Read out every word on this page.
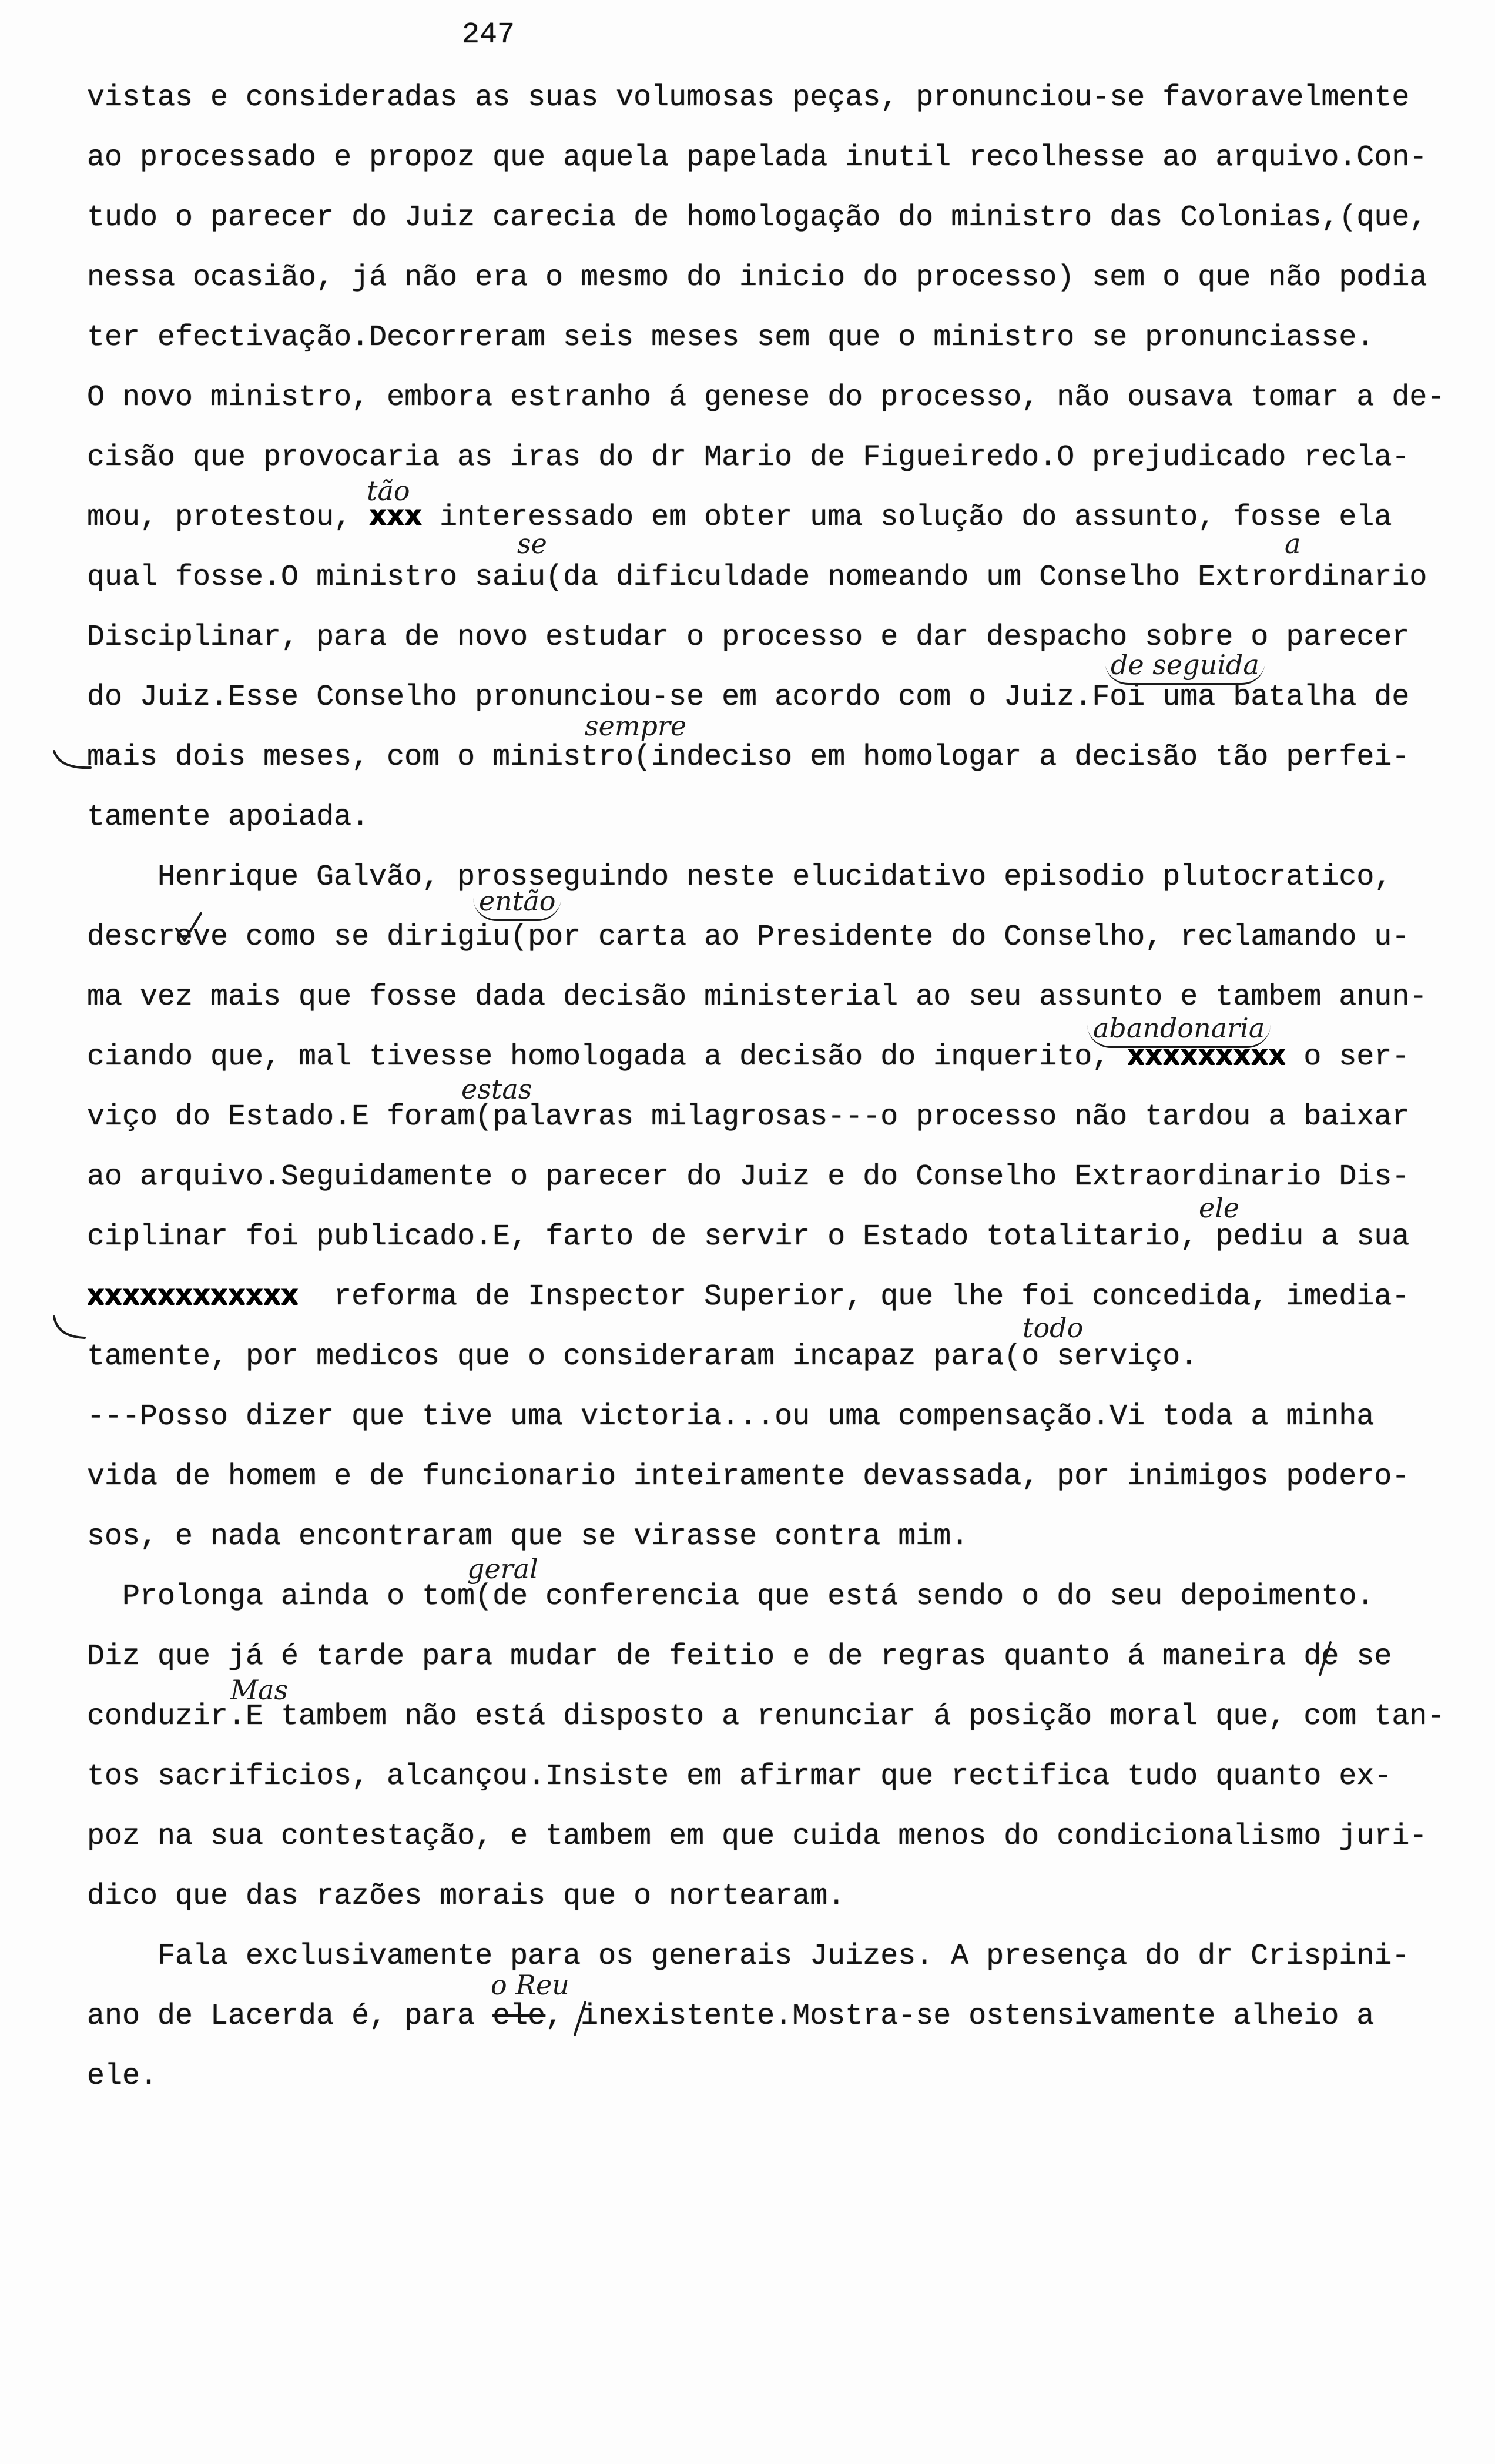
247
vistas e consideradas as suas volumosas peças, pronunciou-se favoravelmente
ao processado e propoz que aquela papelada inutil recolhesse ao arquivo.Con-
tudo o parecer do Juiz carecia de homologação do ministro das Colonias,(que,
nessa ocasião, já não era o mesmo do inicio do processo) sem o que não podia
ter efectivação.Decorreram seis meses sem que o ministro se pronunciasse.
O novo ministro, embora estranho á genese do processo, não ousava tomar a de-
cisão que provocaria as iras do dr Mario de Figueiredo.O prejudicado recla-
mou, protestou, xxx interessado em obter uma solução do assunto, fosse ela
qual fosse.O ministro saiu(da dificuldade nomeando um Conselho Extrordinario
Disciplinar, para de novo estudar o processo e dar despacho sobre o parecer
do Juiz.Esse Conselho pronunciou-se em acordo com o Juiz.Foi uma batalha de
mais dois meses, com o ministro(indeciso em homologar a decisão tão perfei-
tamente apoiada.
Henrique Galvão, prosseguindo neste elucidativo episodio plutocratico,
descreve como se dirigiu(por carta ao Presidente do Conselho, reclamando u-
ma vez mais que fosse dada decisão ministerial ao seu assunto e tambem anun-
ciando que, mal tivesse homologada a decisão do inquerito, xxxxxxxxx o ser-
viço do Estado.E foram(palavras milagrosas---o processo não tardou a baixar
ao arquivo.Seguidamente o parecer do Juiz e do Conselho Extraordinario Dis-
ciplinar foi publicado.E, farto de servir o Estado totalitario, pediu a sua
xxxxxxxxxxxx  reforma de Inspector Superior, que lhe foi concedida, imedia-
tamente, por medicos que o consideraram incapaz para(o serviço.
---Posso dizer que tive uma victoria...ou uma compensação.Vi toda a minha
vida de homem e de funcionario inteiramente devassada, por inimigos podero-
sos, e nada encontraram que se virasse contra mim.
Prolonga ainda o tom(de conferencia que está sendo o do seu depoimento.
Diz que já é tarde para mudar de feitio e de regras quanto á maneira de se
conduzir.E tambem não está disposto a renunciar á posição moral que, com tan-
tos sacrificios, alcançou.Insiste em afirmar que rectifica tudo quanto ex-
poz na sua contestação, e tambem em que cuida menos do condicionalismo juri-
dico que das razões morais que o nortearam.
Fala exclusivamente para os generais Juizes. A presença do dr Crispini-
ano de Lacerda é, para ele, inexistente.Mostra-se ostensivamente alheio a
ele.
tão
se	a
de seguida
sempre
então
abandonaria
estas
ele
todo
geral
Mas
o Reu
